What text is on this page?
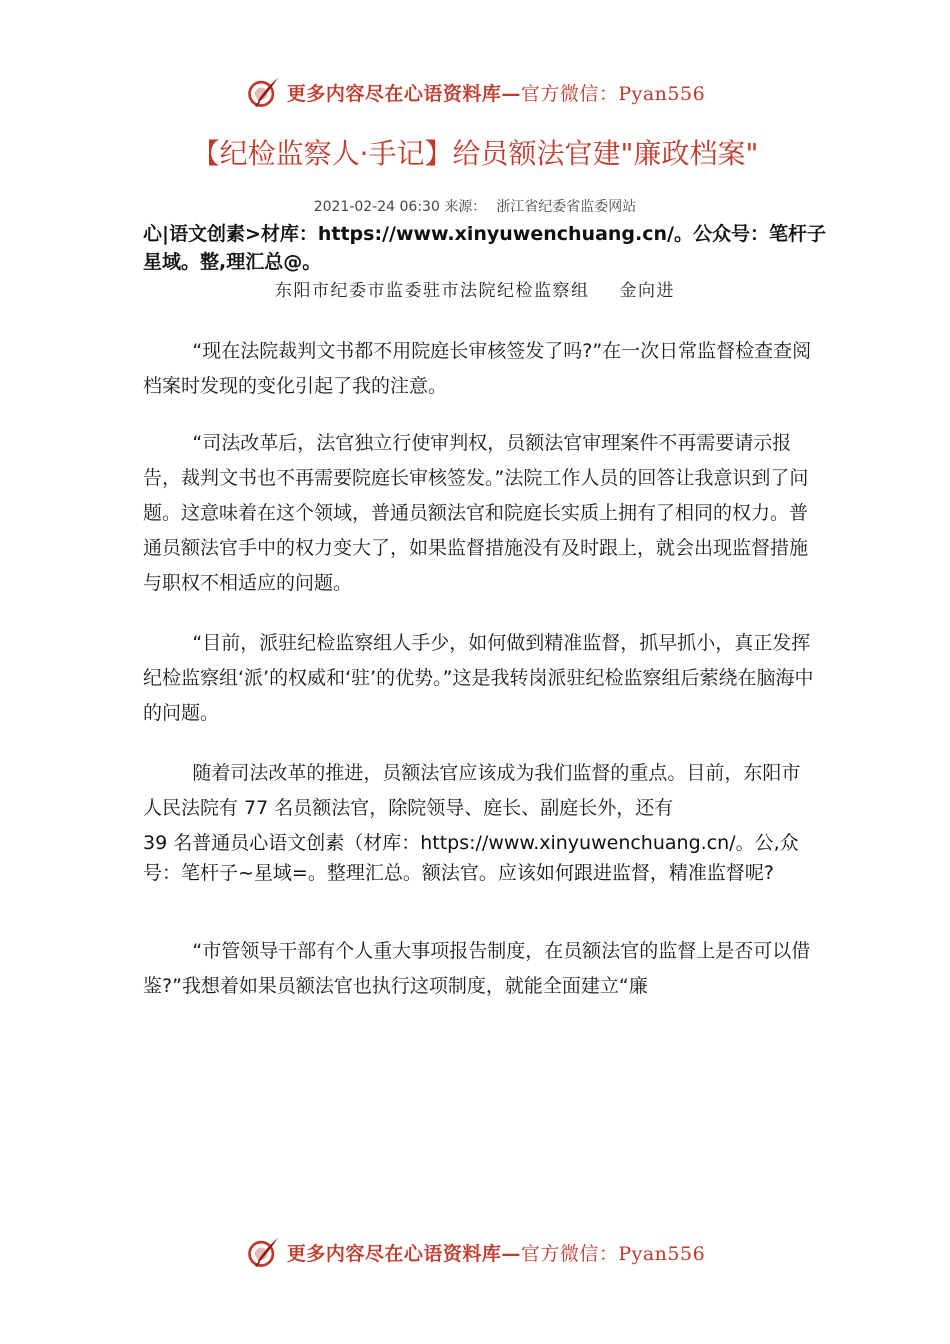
更多内容尽在心语资料库—官方微信：Pyan556
【纪检监察人·手记】给员额法官建"廉政档案"
2021-02-24 06:30 来源： 浙江省纪委省监委网站
心|语文创素>材库：https://www.xinyuwenchuang.cn/。公众号：笔杆子星域。整,理汇总@。
东阳市纪委市监委驻市法院纪检监察组 金向进
“现在法院裁判文书都不用院庭长审核签发了吗?”在一次日常监督检查查阅档案时发现的变化引起了我的注意。
“司法改革后，法官独立行使审判权，员额法官审理案件不再需要请示报告，裁判文书也不再需要院庭长审核签发。”法院工作人员的回答让我意识到了问题。这意味着在这个领域，普通员额法官和院庭长实质上拥有了相同的权力。普通员额法官手中的权力变大了，如果监督措施没有及时跟上，就会出现监督措施与职权不相适应的问题。
“目前，派驻纪检监察组人手少，如何做到精准监督，抓早抓小，真正发挥纪检监察组‘派’的权威和‘驻’的优势。”这是我转岗派驻纪检监察组后萦绕在脑海中的问题。
随着司法改革的推进，员额法官应该成为我们监督的重点。目前，东阳市人民法院有 77 名员额法官，除院领导、庭长、副庭长外，还有
39 名普通员心语文创素（材库：https://www.xinyuwenchuang.cn/。公,众号：笔杆子~星域=。整理汇总。额法官。应该如何跟进监督，精准监督呢?
“市管领导干部有个人重大事项报告制度，在员额法官的监督上是否可以借鉴?”我想着如果员额法官也执行这项制度，就能全面建立“廉
更多内容尽在心语资料库—官方微信：Pyan556
